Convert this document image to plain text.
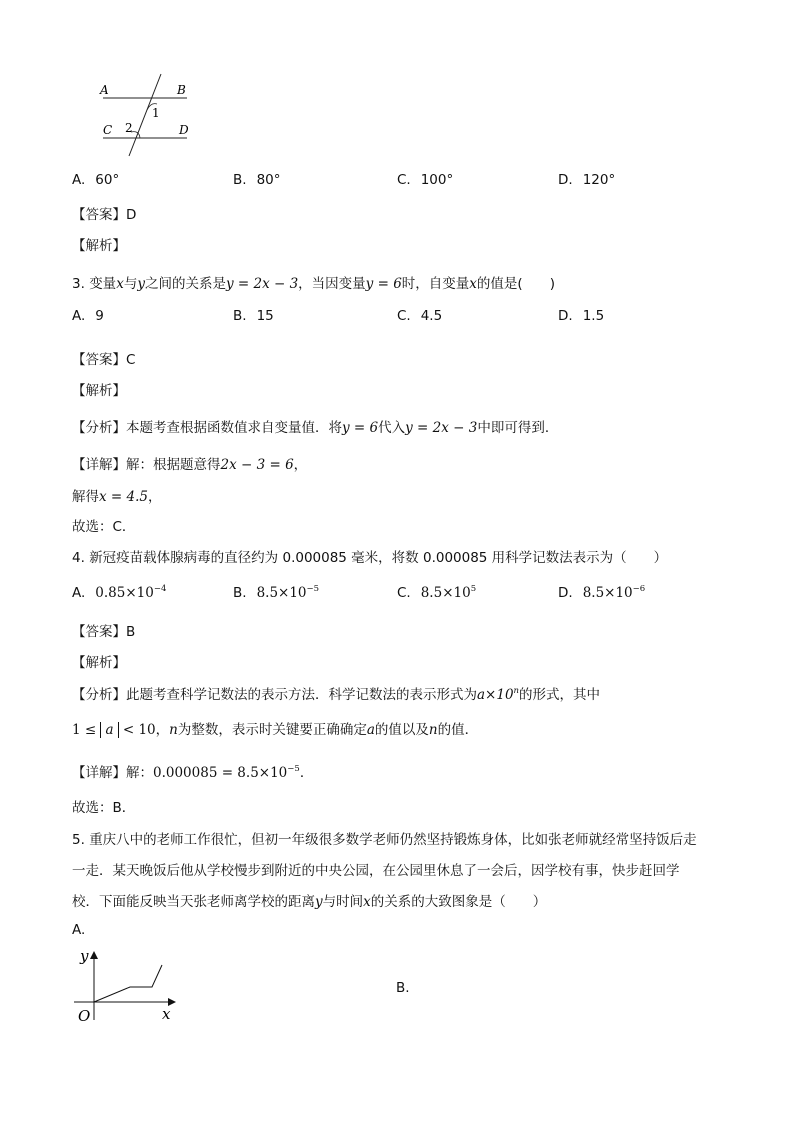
A	B
C	D
1
2
A. 60°	B. 80°	C. 100°	D. 120°
【答案】D
【解析】
3. 变量x与y之间的关系是y = 2x − 3，当因变量y = 6时，自变量x的值是(　　)
A. 9	B. 15	C. 4.5	D. 1.5
【答案】C
【解析】
【分析】本题考查根据函数值求自变量值．将y = 6代入y = 2x − 3中即可得到．
【详解】解：根据题意得2x − 3 = 6，
解得x = 4.5，
故选：C．
4. 新冠疫苗载体腺病毒的直径约为 0.000085 毫米，将数 0.000085 用科学记数法表示为（　　）
A. $0.85\times 10^{-4}$	B. $8.5\times 10^{-5}$	C. $8.5\times 10^5$	D. $8.5\times 10^{-6}$
【答案】B
【解析】
【分析】此题考查科学记数法的表示方法．科学记数法的表示形式为$a\times 10^n$的形式，其中
1 ≤ a < 10，n为整数，表示时关键要正确确定a的值以及n的值．
【详解】解：$0.000085 = 8.5\times 10^{-5}$．
故选：B．
5. 重庆八中的老师工作很忙，但初一年级很多数学老师仍然坚持锻炼身体，比如张老师就经常坚持饭后走
一走．某天晚饭后他从学校慢步到附近的中央公园，在公园里休息了一会后，因学校有事，快步赶回学
校．下面能反映当天张老师离学校的距离y与时间x的关系的大致图象是（　　）
A.
y
x
O
B.
